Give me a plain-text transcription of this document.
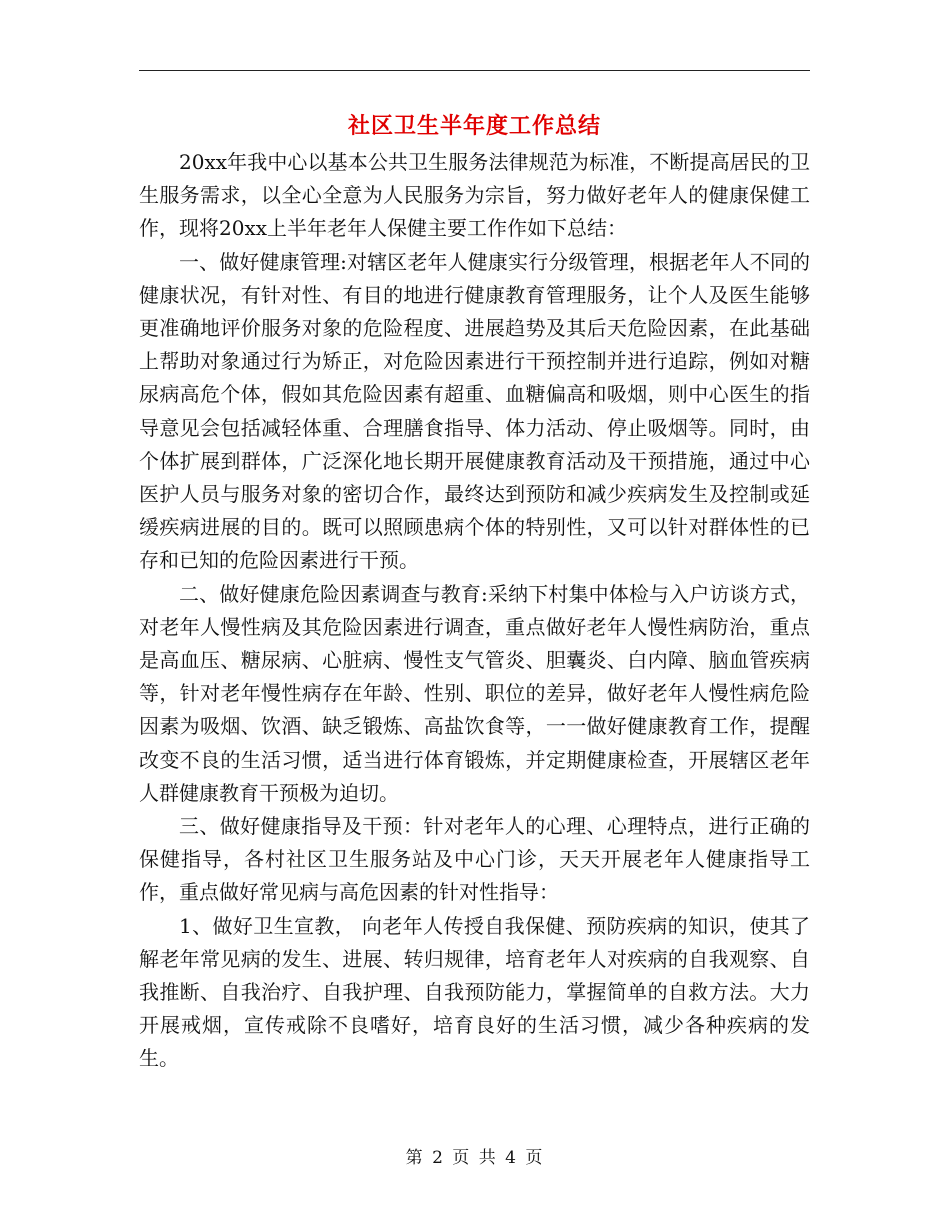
社区卫生半年度工作总结

20xx年我中心以基本公共卫生服务法律规范为标准，不断提高居民的卫生服务需求，以全心全意为人民服务为宗旨，努力做好老年人的健康保健工作，现将20xx上半年老年人保健主要工作作如下总结：

一、做好健康管理:对辖区老年人健康实行分级管理，根据老年人不同的健康状况，有针对性、有目的地进行健康教育管理服务，让个人及医生能够更准确地评价服务对象的危险程度、进展趋势及其后天危险因素，在此基础上帮助对象通过行为矫正，对危险因素进行干预控制并进行追踪，例如对糖尿病高危个体，假如其危险因素有超重、血糖偏高和吸烟，则中心医生的指导意见会包括减轻体重、合理膳食指导、体力活动、停止吸烟等。同时，由个体扩展到群体，广泛深化地长期开展健康教育活动及干预措施，通过中心医护人员与服务对象的密切合作，最终达到预防和减少疾病发生及控制或延缓疾病进展的目的。既可以照顾患病个体的特别性，又可以针对群体性的已存和已知的危险因素进行干预。

二、做好健康危险因素调查与教育:采纳下村集中体检与入户访谈方式，对老年人慢性病及其危险因素进行调查，重点做好老年人慢性病防治，重点是高血压、糖尿病、心脏病、慢性支气管炎、胆囊炎、白内障、脑血管疾病等，针对老年慢性病存在年龄、性别、职位的差异，做好老年人慢性病危险因素为吸烟、饮酒、缺乏锻炼、高盐饮食等，一一做好健康教育工作，提醒改变不良的生活习惯，适当进行体育锻炼，并定期健康检查，开展辖区老年人群健康教育干预极为迫切。

三、做好健康指导及干预：针对老年人的心理、心理特点，进行正确的保健指导，各村社区卫生服务站及中心门诊，天天开展老年人健康指导工作，重点做好常见病与高危因素的针对性指导：

1、做好卫生宣教， 向老年人传授自我保健、预防疾病的知识，使其了解老年常见病的发生、进展、转归规律，培育老年人对疾病的自我观察、自我推断、自我治疗、自我护理、自我预防能力，掌握简单的自救方法。大力开展戒烟，宣传戒除不良嗜好，培育良好的生活习惯，减少各种疾病的发生。

第 2 页 共 4 页
